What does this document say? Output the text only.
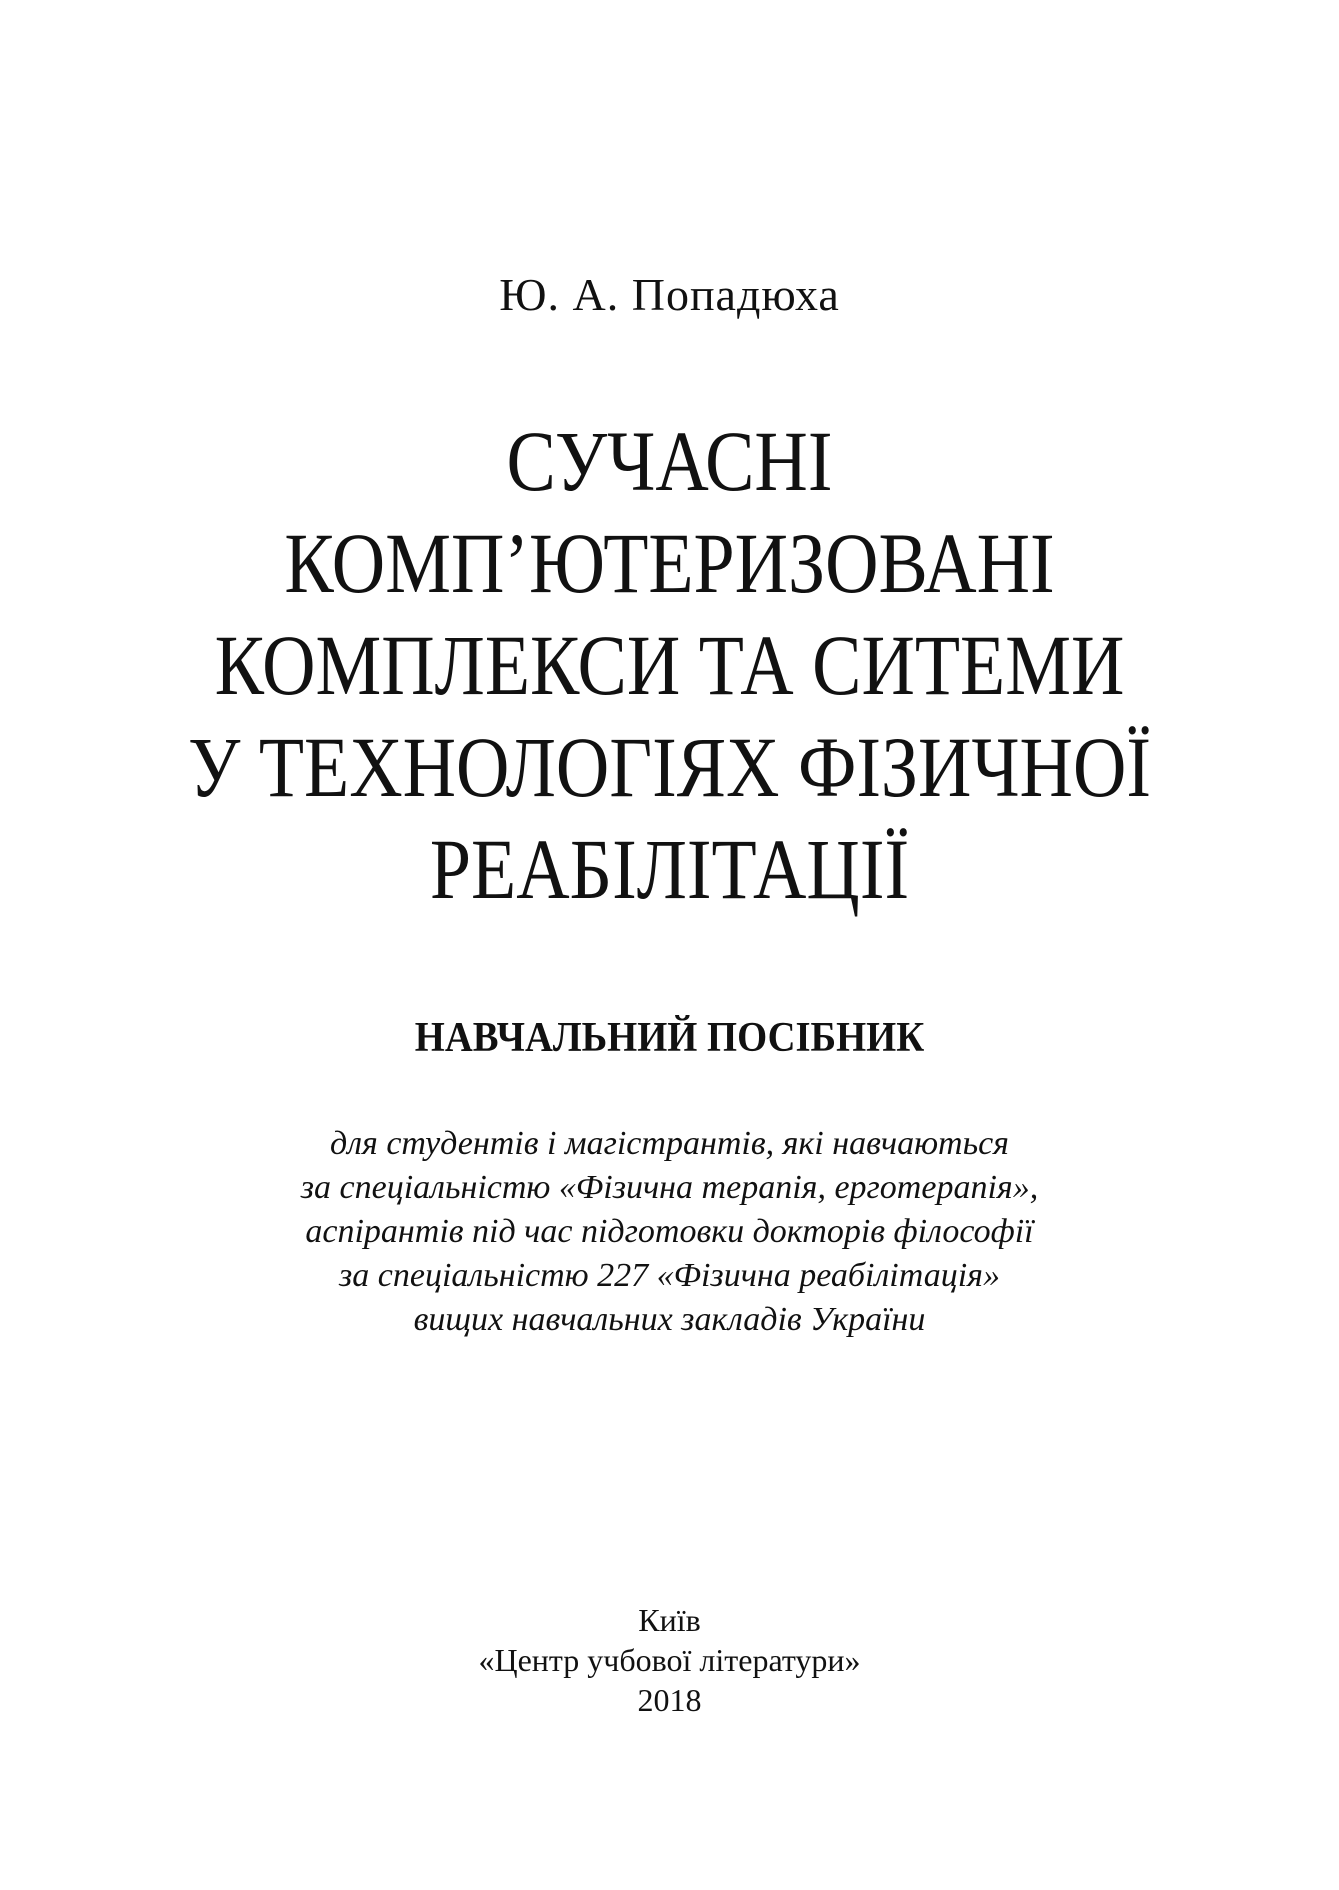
Ю. А. Попадюха
СУЧАСНІ
КОМП’ЮТЕРИЗОВАНІ
КОМПЛЕКСИ ТА СИТЕМИ
У ТЕХНОЛОГІЯХ ФІЗИЧНОЇ
РЕАБІЛІТАЦІЇ
НАВЧАЛЬНИЙ ПОСІБНИК
для студентів і магістрантів, які навчаються
за спеціальністю «Фізична терапія, ерготерапія»,
аспірантів під час підготовки докторів філософії
за спеціальністю 227 «Фізична реабілітація»
вищих навчальних закладів України
Київ
«Центр учбової літератури»
2018
